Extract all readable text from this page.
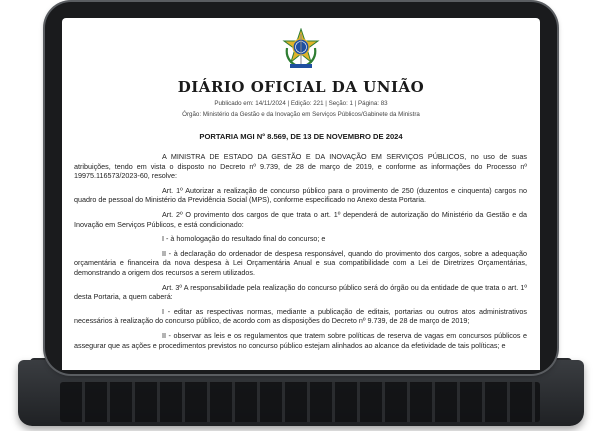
DIÁRIO OFICIAL DA UNIÃO

Publicado em: 14/11/2024 | Edição: 221 | Seção: 1 | Página: 83

Órgão: Ministério da Gestão e da Inovação em Serviços Públicos/Gabinete da Ministra

PORTARIA MGI Nº 8.569, DE 13 DE NOVEMBRO DE 2024

A MINISTRA DE ESTADO DA GESTÃO E DA INOVAÇÃO EM SERVIÇOS PÚBLICOS, no uso de suas atribuições, tendo em vista o disposto no Decreto nº 9.739, de 28 de março de 2019, e conforme as informações do Processo nº 19975.116573/2023-60, resolve:

Art. 1º Autorizar a realização de concurso público para o provimento de 250 (duzentos e cinquenta) cargos no quadro de pessoal do Ministério da Previdência Social (MPS), conforme especificado no Anexo desta Portaria.

Art. 2º O provimento dos cargos de que trata o art. 1º dependerá de autorização do Ministério da Gestão e da Inovação em Serviços Públicos, e está condicionado:

I - à homologação do resultado final do concurso; e

II - à declaração do ordenador de despesa responsável, quando do provimento dos cargos, sobre a adequação orçamentária e financeira da nova despesa à Lei Orçamentária Anual e sua compatibilidade com a Lei de Diretrizes Orçamentárias, demonstrando a origem dos recursos a serem utilizados.

Art. 3º A responsabilidade pela realização do concurso público será do órgão ou da entidade de que trata o art. 1º desta Portaria, a quem caberá:

I - editar as respectivas normas, mediante a publicação de editais, portarias ou outros atos administrativos necessários à realização do concurso público, de acordo com as disposições do Decreto nº 9.739, de 28 de março de 2019;

II - observar as leis e os regulamentos que tratem sobre políticas de reserva de vagas em concursos públicos e assegurar que as ações e procedimentos previstos no concurso público estejam alinhados ao alcance da efetividade de tais políticas; e
